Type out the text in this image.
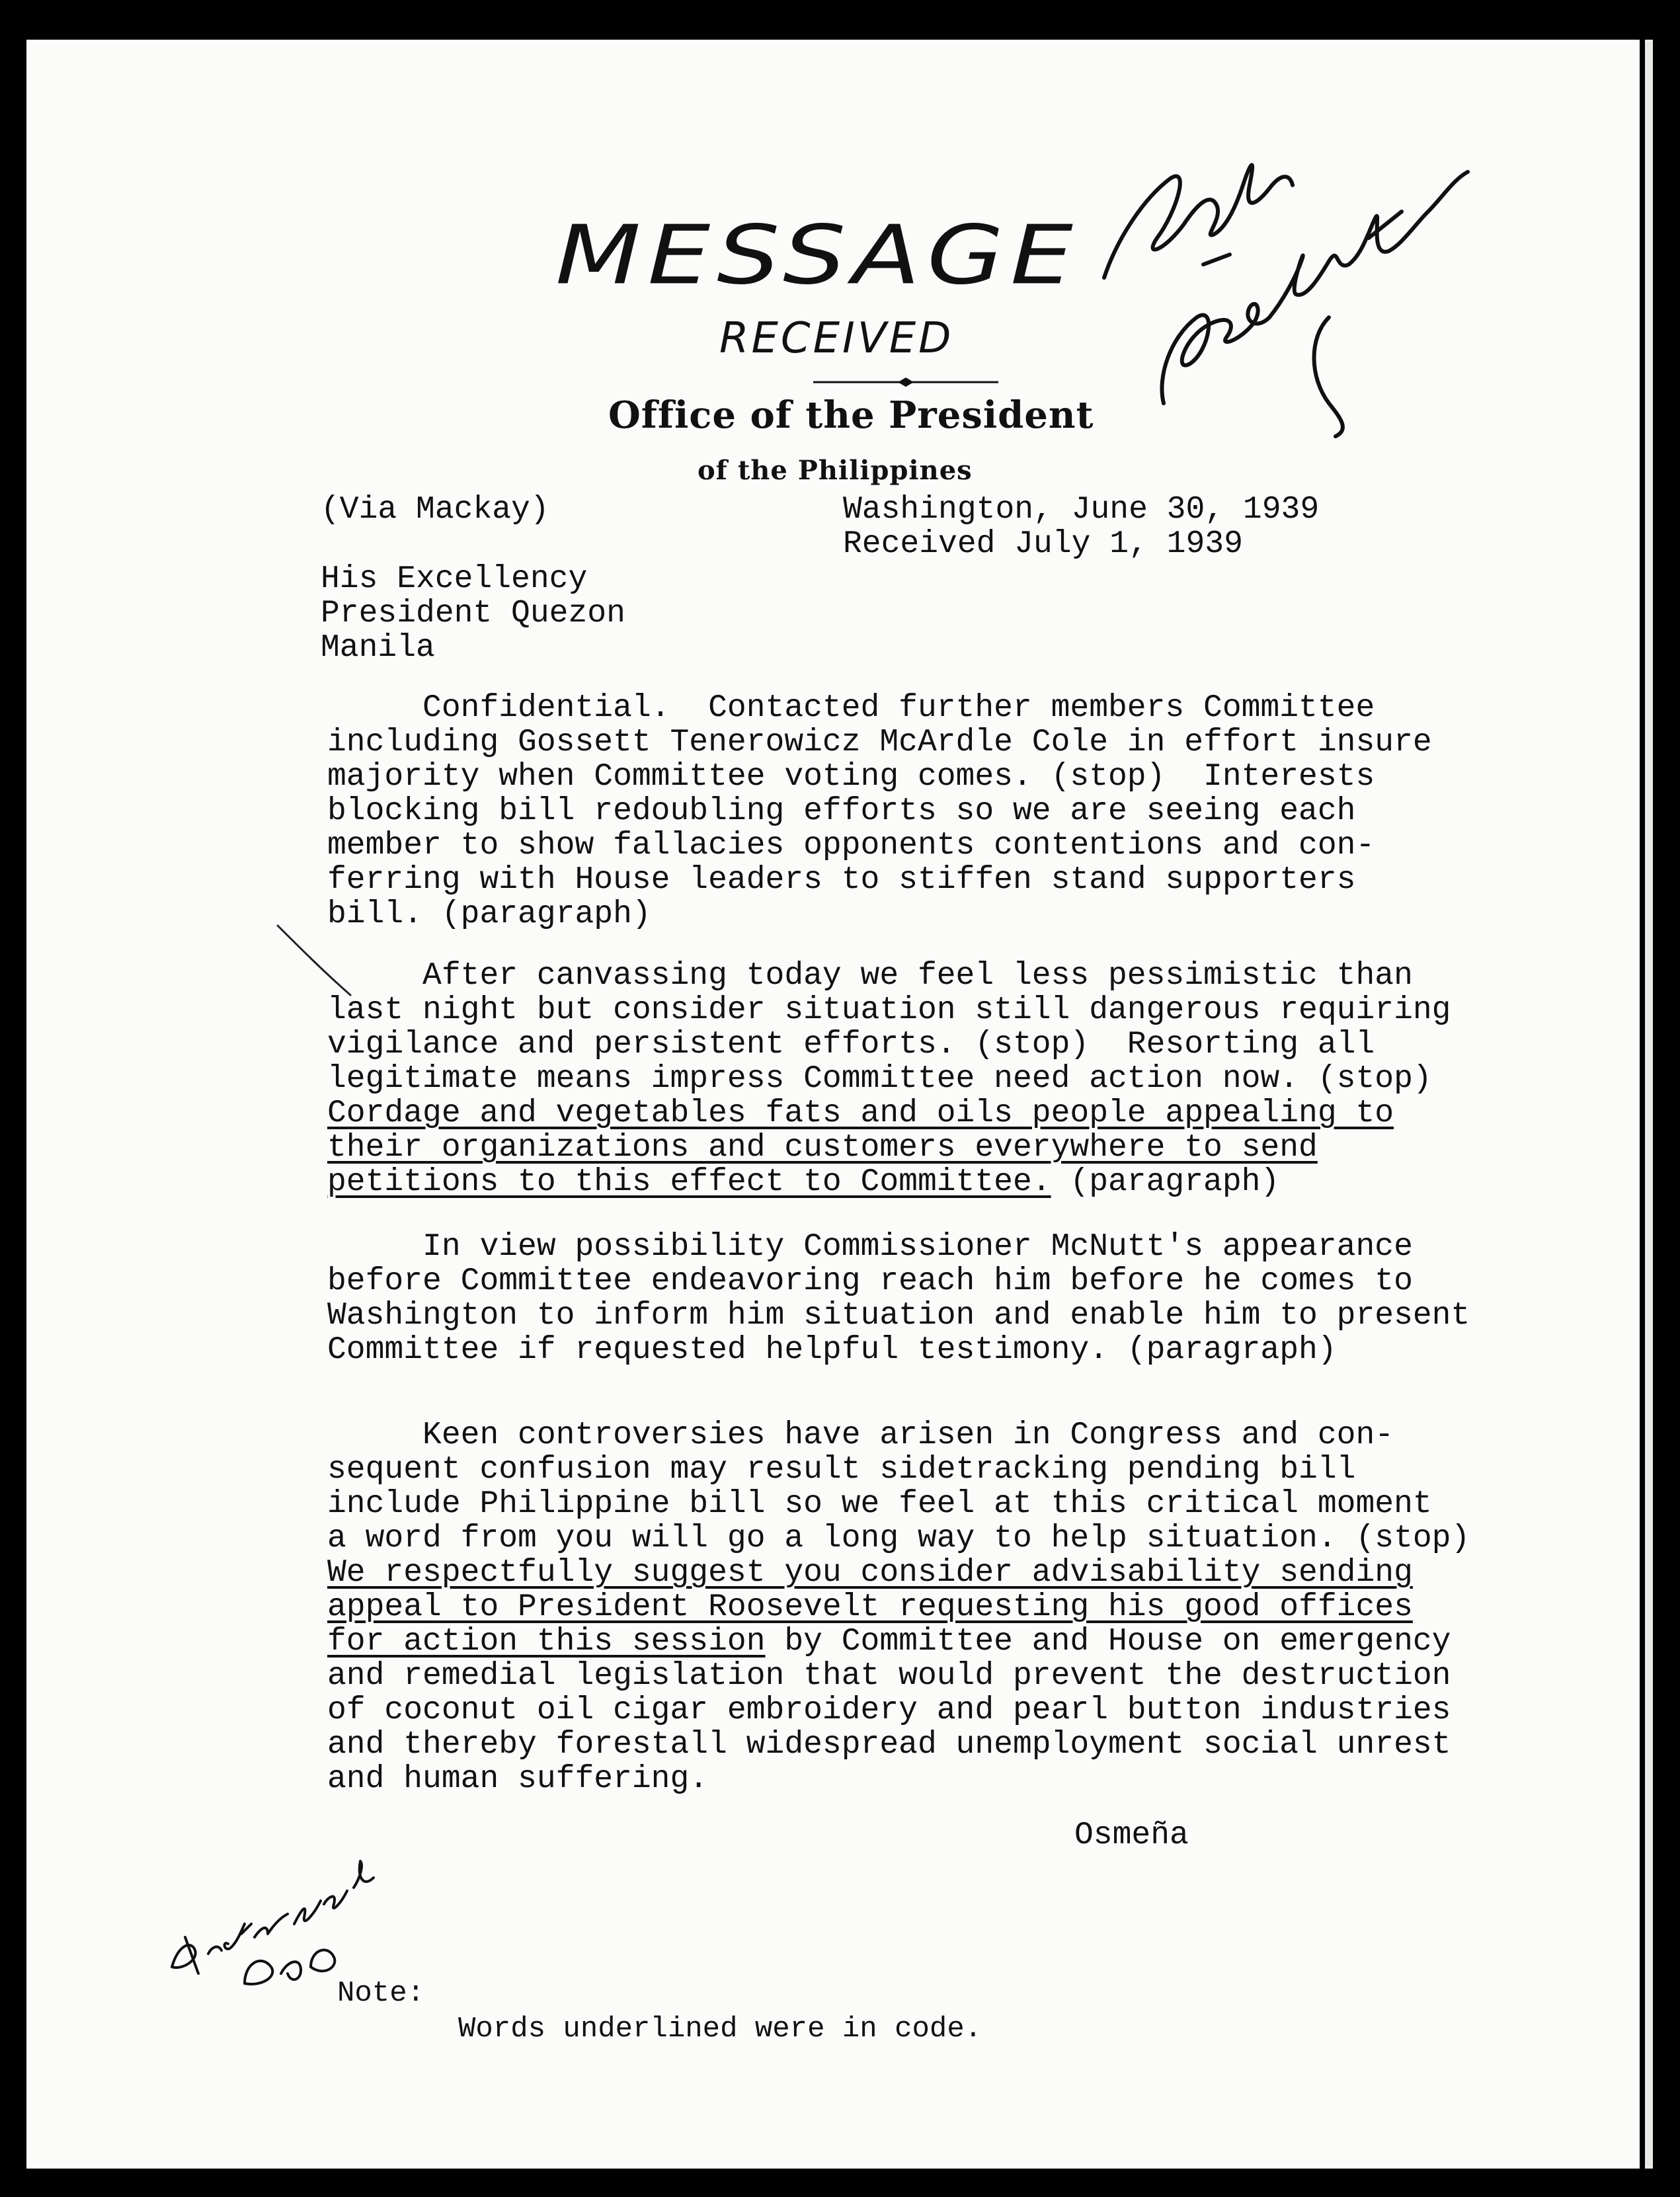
MESSAGE
RECEIVED
Office of the President
of the Philippines
(Via Mackay)	Washington, June 30, 1939
Received July 1, 1939
His Excellency
President Quezon
Manila
Confidential.  Contacted further members Committee
including Gossett Tenerowicz McArdle Cole in effort insure
majority when Committee voting comes. (stop)  Interests
blocking bill redoubling efforts so we are seeing each
member to show fallacies opponents contentions and con-
ferring with House leaders to stiffen stand supporters
bill. (paragraph)
After canvassing today we feel less pessimistic than
last night but consider situation still dangerous requiring
vigilance and persistent efforts. (stop)  Resorting all
legitimate means impress Committee need action now. (stop)
Cordage and vegetables fats and oils people appealing to
their organizations and customers everywhere to send
petitions to this effect to Committee. (paragraph)
In view possibility Commissioner McNutt's appearance
before Committee endeavoring reach him before he comes to
Washington to inform him situation and enable him to present
Committee if requested helpful testimony. (paragraph)
Keen controversies have arisen in Congress and con-
sequent confusion may result sidetracking pending bill
include Philippine bill so we feel at this critical moment
a word from you will go a long way to help situation. (stop)
We respectfully suggest you consider advisability sending
appeal to President Roosevelt requesting his good offices
for action this session by Committee and House on emergency
and remedial legislation that would prevent the destruction
of coconut oil cigar embroidery and pearl button industries
and thereby forestall widespread unemployment social unrest
and human suffering.
Osmeña
Note:
Words underlined were in code.
